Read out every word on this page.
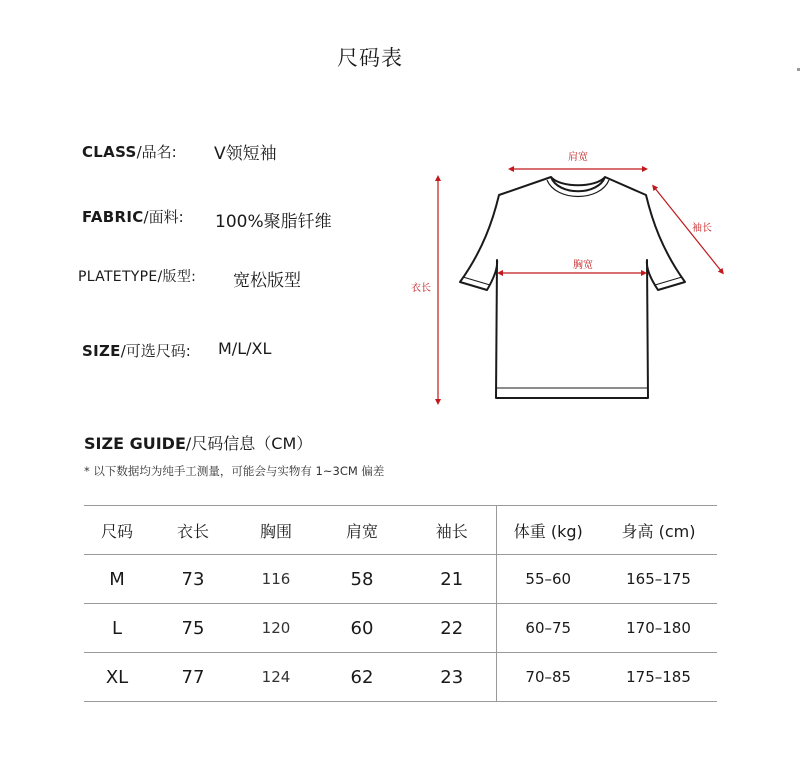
尺码表
CLASS/品名: V领短袖
FABRIC/面料: 100%聚脂钎维
PLATETYPE/版型: 宽松版型
SIZE/可选尺码: M/L/XL
肩宽
胸宽
袖长
衣长
SIZE GUIDE/尺码信息（CM）
* 以下数据均为纯手工测量，可能会与实物有 1~3CM 偏差
尺码	衣长	胸围	肩宽	袖长	体重 (kg)	身高 (cm)
M	73	116	58	21	55–60	165–175
L	75	120	60	22	60–75	170–180
XL	77	124	62	23	70–85	175–185
